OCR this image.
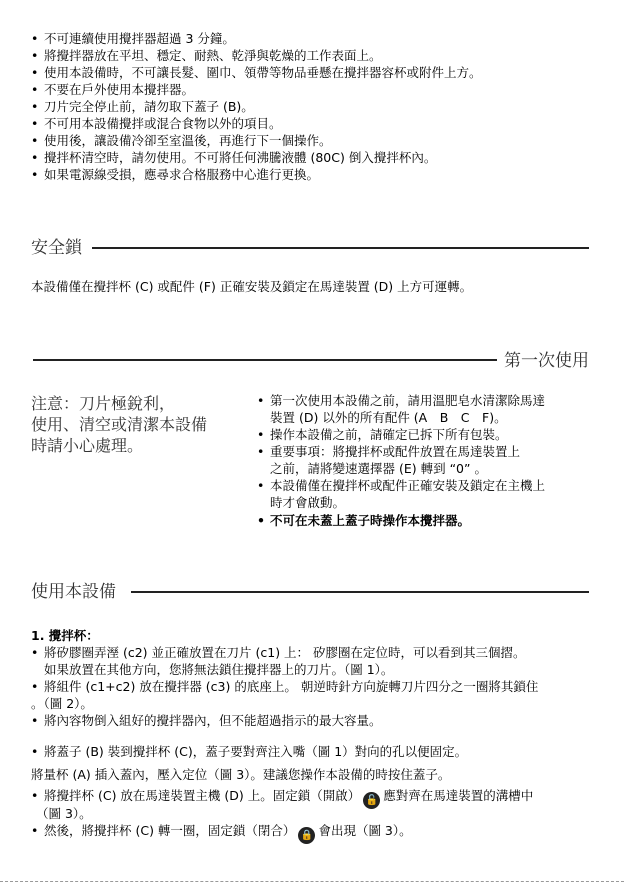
• 不可連續使用攪拌器超過 3 分鐘。
• 將攪拌器放在平坦、穩定、耐熱、乾淨與乾燥的工作表面上。
• 使用本設備時，不可讓長髮、圍巾、領帶等物品垂懸在攪拌器容杯或附件上方。
• 不要在戶外使用本攪拌器。
• 刀片完全停止前，請勿取下蓋子 (B)。
• 不可用本設備攪拌或混合食物以外的項目。
• 使用後，讓設備冷卻至室溫後，再進行下一個操作。
• 攪拌杯清空時，請勿使用。不可將任何沸騰液體 (80C) 倒入攪拌杯內。
• 如果電源線受損，應尋求合格服務中心進行更換。
安全鎖
本設備僅在攪拌杯 (C) 或配件 (F) 正確安裝及鎖定在馬達裝置 (D) 上方可運轉。
第一次使用
注意：刀片極銳利，
使用、清空或清潔本設備
時請小心處理。
• 第一次使用本設備之前，請用溫肥皂水清潔除馬達
裝置 (D) 以外的所有配件 (A　B　C　F)。
• 操作本設備之前，請確定已拆下所有包裝。
• 重要事項：將攪拌杯或配件放置在馬達裝置上
之前，請將變速選擇器 (E) 轉到 “0” 。
• 本設備僅在攪拌杯或配件正確安裝及鎖定在主機上
時才會啟動。
• 不可在未蓋上蓋子時操作本攪拌器。
使用本設備
1. 攪拌杯：
• 將矽膠圈弄溼 (c2) 並正確放置在刀片 (c1) 上： 矽膠圈在定位時，可以看到其三個摺。
如果放置在其他方向，您將無法鎖住攪拌器上的刀片。（圖 1）。
• 將組件 (c1+c2) 放在攪拌器 (c3) 的底座上。 朝逆時針方向旋轉刀片四分之一圈將其鎖住
。（圖 2）。
• 將內容物倒入組好的攪拌器內，但不能超過指示的最大容量。
• 將蓋子 (B) 裝到攪拌杯 (C)，蓋子要對齊注入嘴（圖 1）對向的孔以便固定。
將量杯 (A) 插入蓋內，壓入定位（圖 3）。建議您操作本設備的時按住蓋子。
• 將攪拌杯 (C) 放在馬達裝置主機 (D) 上。固定鎖（開啟） 🔓 應對齊在馬達裝置的溝槽中
（圖 3）。
• 然後，將攪拌杯 (C) 轉一圈，固定鎖（閉合） 🔒 會出現（圖 3）。
